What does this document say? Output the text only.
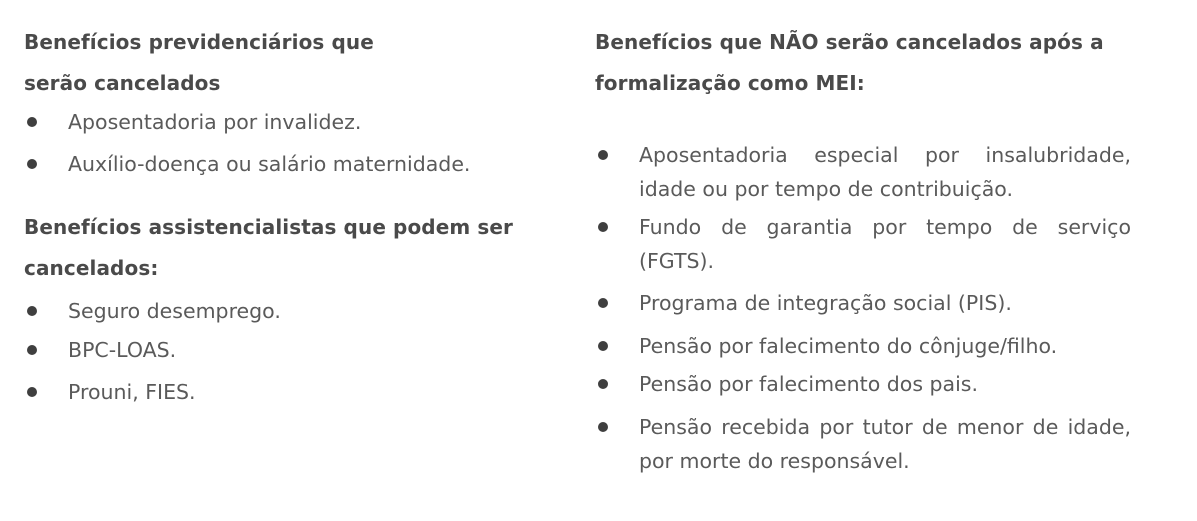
Benefícios previdenciários que
serão cancelados
Aposentadoria por invalidez.
Auxílio-doença ou salário maternidade.
Benefícios assistencialistas que podem ser
cancelados:
Seguro desemprego.
BPC-LOAS.
Prouni, FIES.
Benefícios que NÃO serão cancelados após a
formalização como MEI:
Aposentadoria especial por insalubridade, idade ou por tempo de contribuição.
Fundo de garantia por tempo de serviço (FGTS).
Programa de integração social (PIS).
Pensão por falecimento do cônjuge/filho.
Pensão por falecimento dos pais.
Pensão recebida por tutor de menor de idade, por morte do responsável.
